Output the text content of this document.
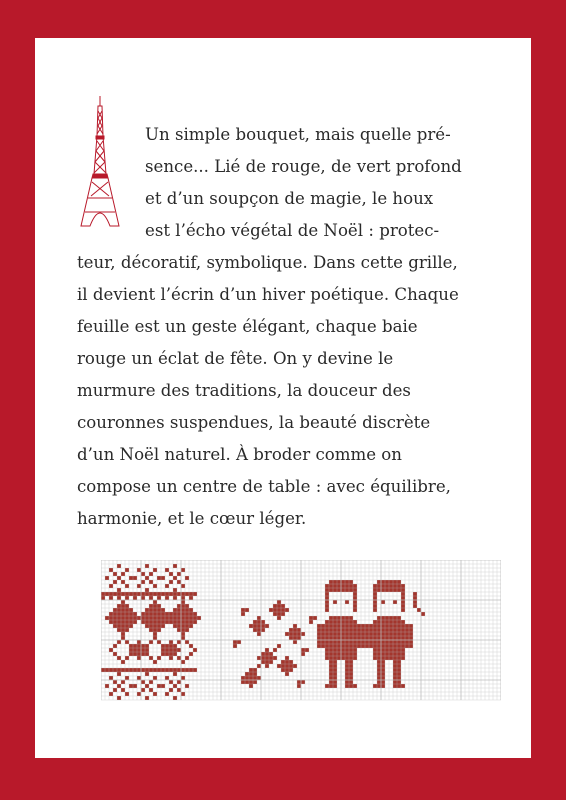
Un simple bouquet, mais quelle pré-
sence... Lié de rouge, de vert profond
et d’un soupçon de magie, le houx
est l’écho végétal de Noël : protec-
teur, décoratif, symbolique. Dans cette grille,
il devient l’écrin d’un hiver poétique. Chaque
feuille est un geste élégant, chaque baie
rouge un éclat de fête. On y devine le
murmure des traditions, la douceur des
couronnes suspendues, la beauté discrète
d’un Noël naturel. À broder comme on
compose un centre de table : avec équilibre,
harmonie, et le cœur léger.
